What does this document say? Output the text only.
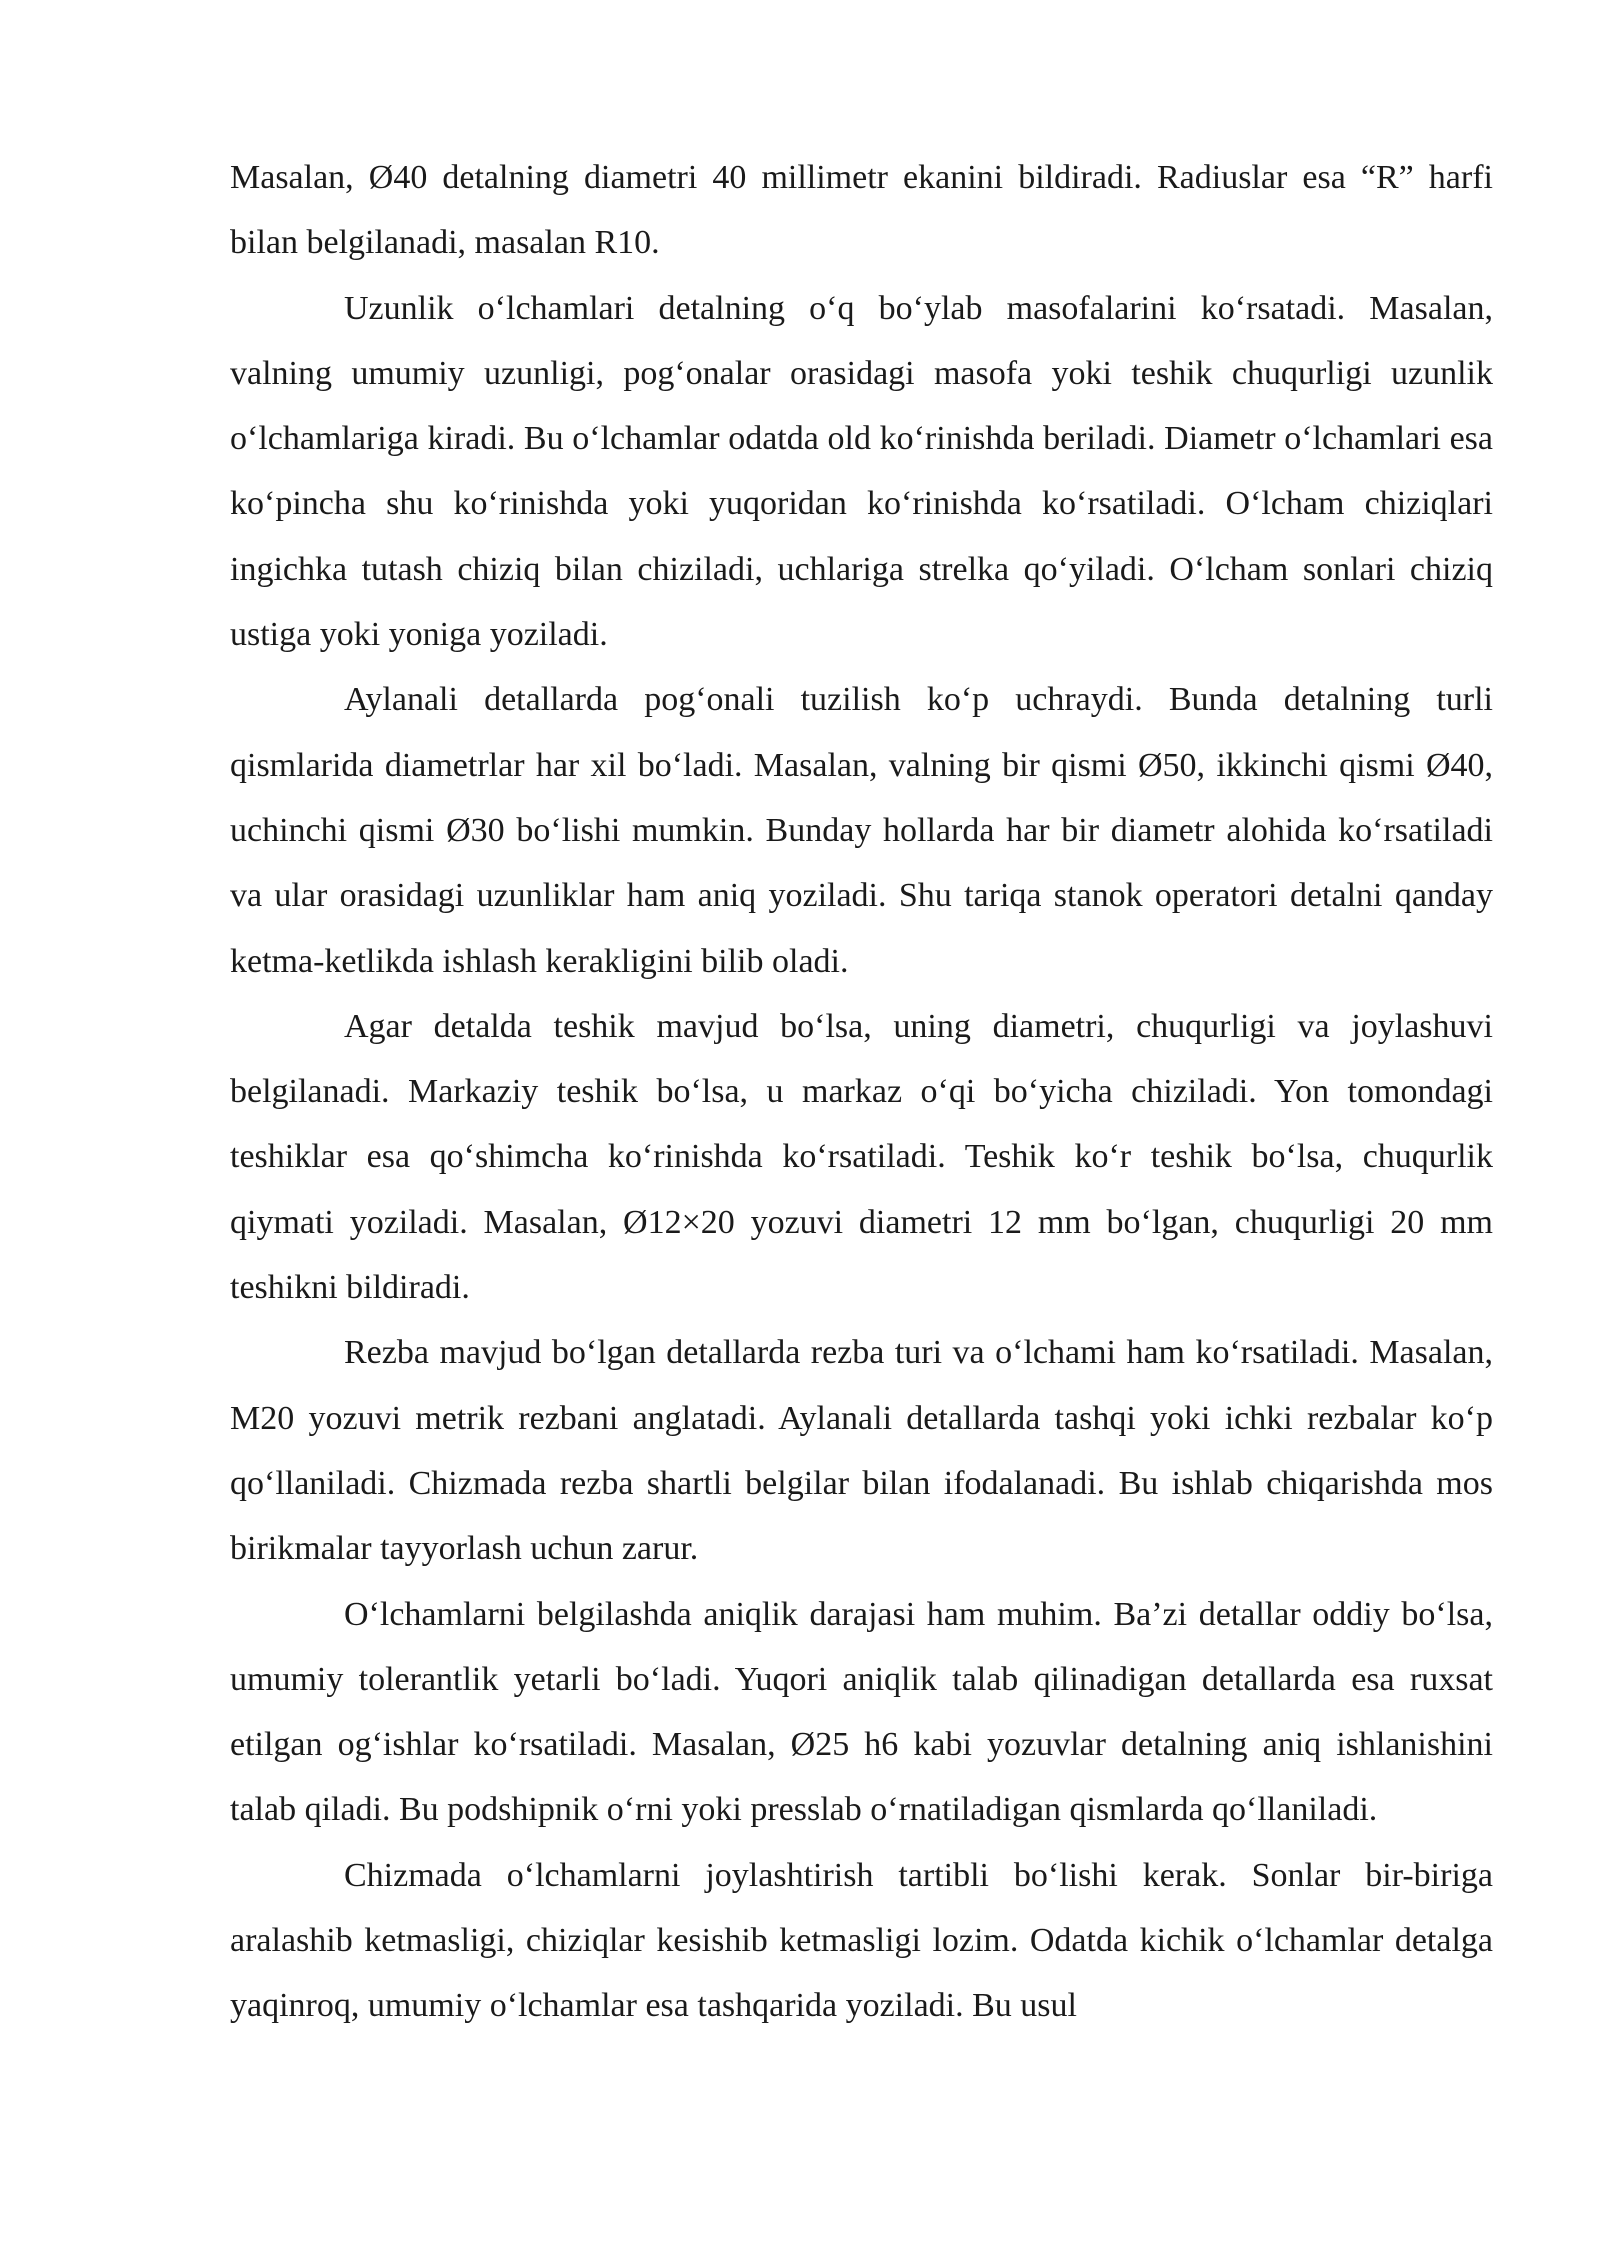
Masalan, Ø40 detalning diametri 40 millimetr ekanini bildiradi. Radiuslar esa “R” harfi bilan belgilanadi, masalan R10.

Uzunlik o‘lchamlari detalning o‘q bo‘ylab masofalarini ko‘rsatadi. Masalan, valning umumiy uzunligi, pog‘onalar orasidagi masofa yoki teshik chuqurligi uzunlik o‘lchamlariga kiradi. Bu o‘lchamlar odatda old ko‘rinishda beriladi. Diametr o‘lchamlari esa ko‘pincha shu ko‘rinishda yoki yuqoridan ko‘rinishda ko‘rsatiladi. O‘lcham chiziqlari ingichka tutash chiziq bilan chiziladi, uchlariga strelka qo‘yiladi. O‘lcham sonlari chiziq ustiga yoki yoniga yoziladi.

Aylanali detallarda pog‘onali tuzilish ko‘p uchraydi. Bunda detalning turli qismlarida diametrlar har xil bo‘ladi. Masalan, valning bir qismi Ø50, ikkinchi qismi Ø40, uchinchi qismi Ø30 bo‘lishi mumkin. Bunday hollarda har bir diametr alohida ko‘rsatiladi va ular orasidagi uzunliklar ham aniq yoziladi. Shu tariqa stanok operatori detalni qanday ketma-ketlikda ishlash kerakligini bilib oladi.

Agar detalda teshik mavjud bo‘lsa, uning diametri, chuqurligi va joylashuvi belgilanadi. Markaziy teshik bo‘lsa, u markaz o‘qi bo‘yicha chiziladi. Yon tomondagi teshiklar esa qo‘shimcha ko‘rinishda ko‘rsatiladi. Teshik ko‘r teshik bo‘lsa, chuqurlik qiymati yoziladi. Masalan, Ø12×20 yozuvi diametri 12 mm bo‘lgan, chuqurligi 20 mm teshikni bildiradi.

Rezba mavjud bo‘lgan detallarda rezba turi va o‘lchami ham ko‘rsatiladi. Masalan, M20 yozuvi metrik rezbani anglatadi. Aylanali detallarda tashqi yoki ichki rezbalar ko‘p qo‘llaniladi. Chizmada rezba shartli belgilar bilan ifodalanadi. Bu ishlab chiqarishda mos birikmalar tayyorlash uchun zarur.

O‘lchamlarni belgilashda aniqlik darajasi ham muhim. Ba’zi detallar oddiy bo‘lsa, umumiy tolerantlik yetarli bo‘ladi. Yuqori aniqlik talab qilinadigan detallarda esa ruxsat etilgan og‘ishlar ko‘rsatiladi. Masalan, Ø25 h6 kabi yozuvlar detalning aniq ishlanishini talab qiladi. Bu podshipnik o‘rni yoki presslab o‘rnatiladigan qismlarda qo‘llaniladi.

Chizmada o‘lchamlarni joylashtirish tartibli bo‘lishi kerak. Sonlar bir-biriga aralashib ketmasligi, chiziqlar kesishib ketmasligi lozim. Odatda kichik o‘lchamlar detalga yaqinroq, umumiy o‘lchamlar esa tashqarida yoziladi. Bu usul
